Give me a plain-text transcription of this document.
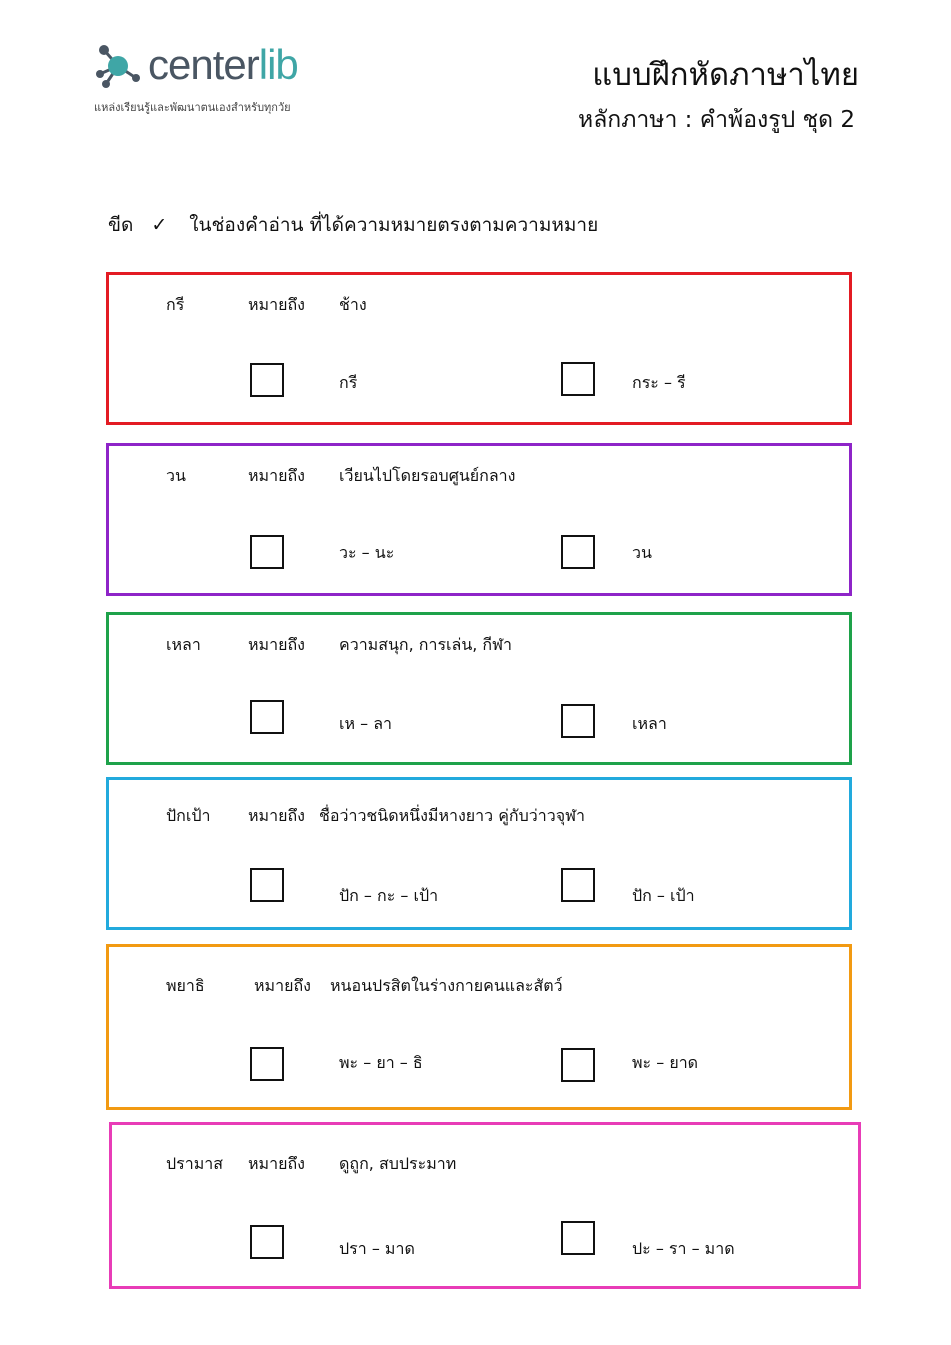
centerlib
แหล่งเรียนรู้และพัฒนาตนเองสำหรับทุกวัย
แบบฝึกหัดภาษาไทย
หลักภาษา : คำพ้องรูป ชุด 2
ขีด ✓ ในช่องคำอ่าน ที่ได้ความหมายตรงตามความหมาย
กรี	หมายถึง ช้าง
กรี	กระ – รี
วน	หมายถึง เวียนไปโดยรอบศูนย์กลาง
วะ – นะ	วน
เหลา	หมายถึง ความสนุก, การเล่น, กีฬา
เห – ลา	เหลา
ปักเป้า หมายถึง ชื่อว่าวชนิดหนึ่งมีหางยาว คู่กับว่าวจุฬา
ปัก – กะ – เป้า	ปัก – เป้า
พยาธิ	หมายถึง หนอนปรสิตในร่างกายคนและสัตว์
พะ – ยา – ธิ	พะ – ยาด
ปรามาส หมายถึง ดูถูก, สบประมาท
ปรา – มาด	ปะ – รา – มาด
